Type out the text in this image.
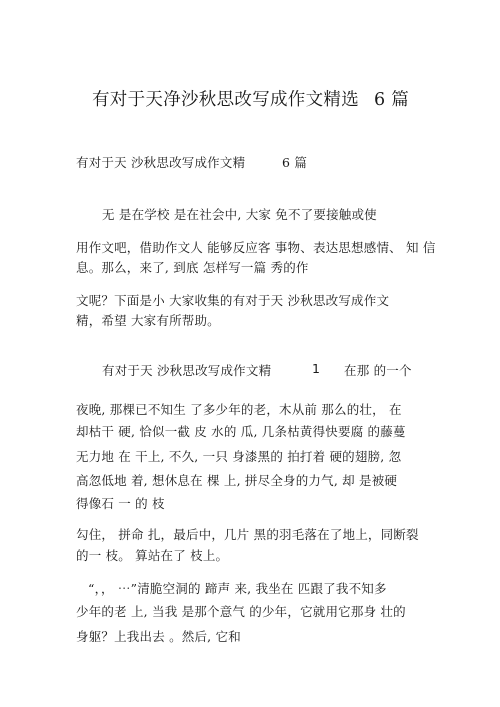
有对于天净沙秋思改写成作文精选 6 篇
有对于天 沙秋思改写成作文精	6 篇
无 是在学校 是在社会中, 大家 免不了要接触或使
用作文吧，借助作文人 能够反应客 事物、表达思想感情、 知 信
息。那么，来了, 到底 怎样写一篇 秀的作
文呢？下面是小 大家收集的有对于天 沙秋思改写成作文
精，希望 大家有所帮助。
有对于天 沙秋思改写成作文精	1 在那 的一个
夜晚, 那棵已不知生 了多少年的老，木从前 那么的壮， 在
却枯干 硬, 恰似一截 皮 水的 瓜, 几条枯黄得快要腐 的藤蔓
无力地 在 干上, 不久, 一只 身漆黑的 拍打着 硬的翅膀, 忽
高忽低地 着, 想休息在 棵 上, 拼尽全身的力气, 却 是被硬
得像石 一 的 枝
勾住， 拼命 扎，最后中，几片 黑的羽毛落在了地上，同断裂
的一 枝。 算站在了 枝上。
“，， ⋯”清脆空洞的 蹄声 来, 我坐在 匹跟了我不知多
少年的老 上, 当我 是那个意气 的少年，它就用它那身 壮的
身躯？上我出去 。然后, 它和
